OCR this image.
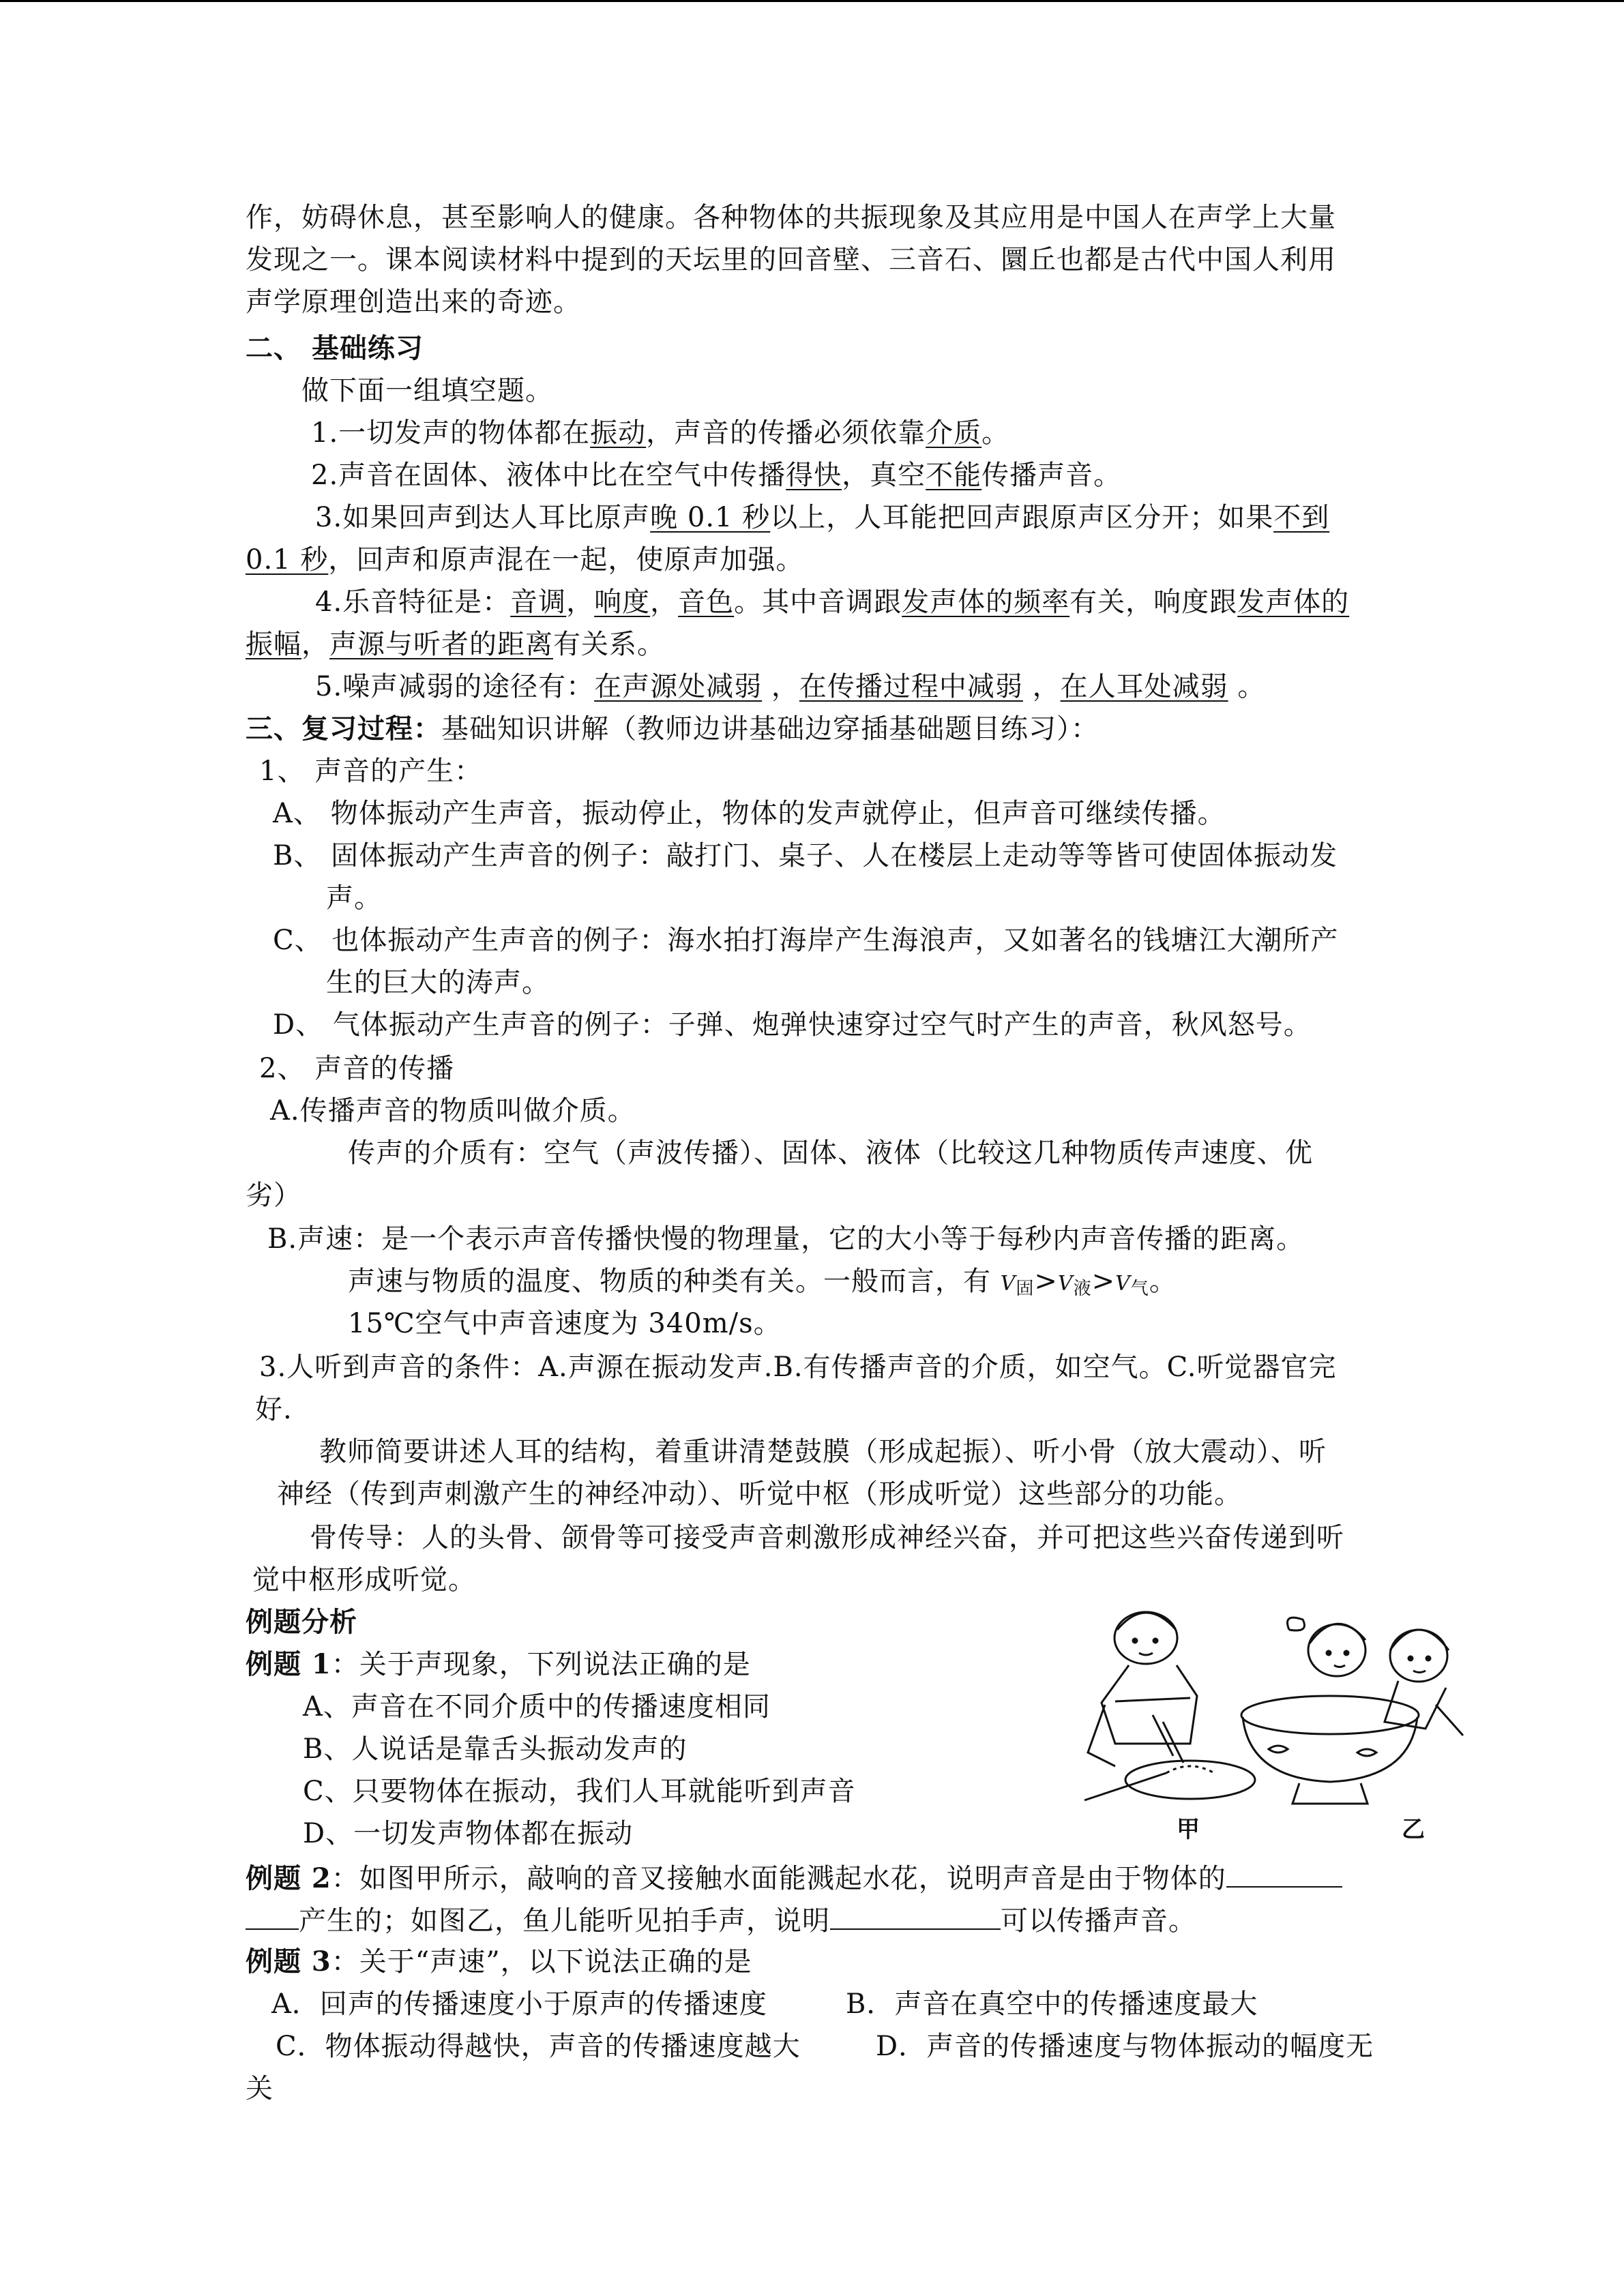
作，妨碍休息，甚至影响人的健康。各种物体的共振现象及其应用是中国人在声学上大量
发现之一。课本阅读材料中提到的天坛里的回音壁、三音石、圜丘也都是古代中国人利用
声学原理创造出来的奇迹。
二、 基础练习
做下面一组填空题。
1.一切发声的物体都在振动，声音的传播必须依靠介质。
2.声音在固体、液体中比在空气中传播得快，真空不能传播声音。
3.如果回声到达人耳比原声晚 0.1 秒以上，人耳能把回声跟原声区分开；如果不到
0.1 秒，回声和原声混在一起，使原声加强。
4.乐音特征是：音调，响度，音色。其中音调跟发声体的频率有关，响度跟发声体的
振幅，声源与听者的距离有关系。
5.噪声减弱的途径有：在声源处减弱 ，在传播过程中减弱 ，在人耳处减弱 。
三、复习过程：基础知识讲解（教师边讲基础边穿插基础题目练习）：
1、 声音的产生：
A、 物体振动产生声音，振动停止，物体的发声就停止，但声音可继续传播。
B、 固体振动产生声音的例子：敲打门、桌子、人在楼层上走动等等皆可使固体振动发
声。
C、 也体振动产生声音的例子：海水拍打海岸产生海浪声，又如著名的钱塘江大潮所产
生的巨大的涛声。
D、 气体振动产生声音的例子：子弹、炮弹快速穿过空气时产生的声音，秋风怒号。
2、 声音的传播
A.传播声音的物质叫做介质。
传声的介质有：空气（声波传播）、固体、液体（比较这几种物质传声速度、优
劣）
B.声速：是一个表示声音传播快慢的物理量，它的大小等于每秒内声音传播的距离。
声速与物质的温度、物质的种类有关。一般而言，有 $V_固>V_液>V_气$。
15℃空气中声音速度为 340m/s。
3.人听到声音的条件：A.声源在振动发声.B.有传播声音的介质，如空气。C.听觉器官完
好.
教师简要讲述人耳的结构，着重讲清楚鼓膜（形成起振）、听小骨（放大震动）、听
神经（传到声刺激产生的神经冲动）、听觉中枢（形成听觉）这些部分的功能。
骨传导：人的头骨、颌骨等可接受声音刺激形成神经兴奋，并可把这些兴奋传递到听
觉中枢形成听觉。
例题分析
例题 1：关于声现象，下列说法正确的是
A、声音在不同介质中的传播速度相同
B、人说话是靠舌头振动发声的
C、只要物体在振动，我们人耳就能听到声音
D、一切发声物体都在振动
例题 2：如图甲所示，敲响的音叉接触水面能溅起水花，说明声音是由于物体的
产生的；如图乙，鱼儿能听见拍手声，说明	可以传播声音。
例题 3：关于“声速”，以下说法正确的是
A．回声的传播速度小于原声的传播速度	B．声音在真空中的传播速度最大
C．物体振动得越快，声音的传播速度越大	D．声音的传播速度与物体振动的幅度无
关
甲	乙
